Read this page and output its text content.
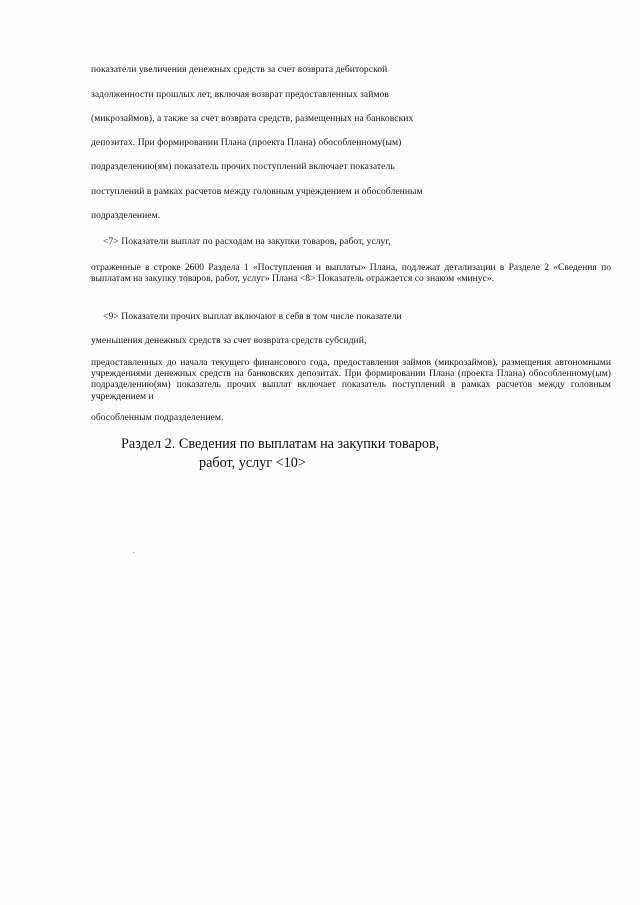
показатели увеличения денежных средств за счет возврата дебиторской
задолженности прошлых лет, включая возврат предоставленных займов
(микрозаймов), а также за счет возврата средств, размещенных на банковских
депозитах. При формировании Плана (проекта Плана) обособленному(ым)
подразделению(ям) показатель прочих поступлений включает показатель
поступлений в рамках расчетов между головным учреждением и обособленным
подразделением.
<7> Показатели выплат по расходам на закупки товаров, работ, услуг,
отраженные в строке 2600 Раздела 1 «Поступления и выплаты» Плана, подлежат детализации в Разделе 2 «Сведения по выплатам на закупку товаров, работ, услуг» Плана <8> Показатель отражается со знаком «минус».
<9> Показатели прочих выплат включают в себя в том числе показатели
уменьшения денежных средств за счет возврата средств субсидий,
предоставленных до начала текущего финансового года, предоставления займов (микрозаймов), размещения автономными учреждениями денежных средств на банковских депозитах. При формировании Плана (проекта Плана) обособленному(ым) подразделению(ям) показатель прочих выплат включает показатель поступлений в рамках расчетов между головным учреждением и
обособленным подразделением.
Раздел 2. Сведения по выплатам на закупки товаров,
работ, услуг <10>
